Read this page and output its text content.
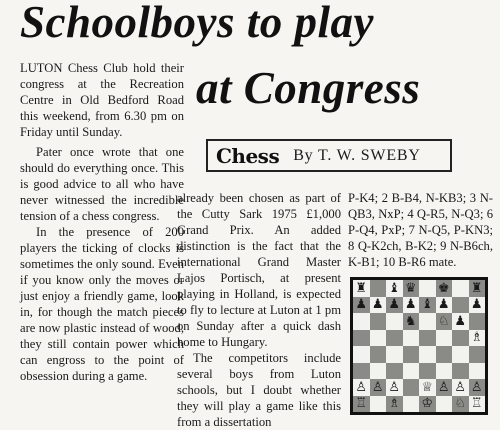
Schoolboys to play
at Congress
Chess By T. W. SWEBY

LUTON Chess Club hold their congress at the Recreation Centre in Old Bedford Road this weekend, from 6.30 pm on Friday until Sunday.

Pater once wrote that one should do everything once. This is good advice to all who have never witnessed the incredible tension of a chess congress.

In the presence of 200 players the ticking of clocks is sometimes the only sound. Even if you know only the moves or just enjoy a friendly game, look in, for though the match pieces are now plastic instead of wood, they still contain power which can engross to the point of obsession during a game.

already been chosen as part of the Cutty Sark 1975 £1,000 Grand Prix. An added distinction is the fact that the international Grand Master Lajos Portisch, at present playing in Holland, is expected to fly to lecture at Luton at 1 pm on Sunday after a quick dash home to Hungary.

The competitors include several boys from Luton schools, but I doubt whether they will play a game like this from a dissertation

P-K4; 2 B-B4, N-KB3; 3 N-QB3, NxP; 4 Q-R5, N-Q3; 6 P-Q4, PxP; 7 N-Q5, P-KN3; 8 Q-K2ch, B-K2; 9 N-B6ch, K-B1; 10 B-R6 mate.

♜ ♝ ♛ ♚ ♜
♟ ♟ ♟ ♟ ♝ ♟ ♟
♞ ♘ ♟
♗
♙ ♙ ♙ ♕ ♙ ♙ ♙
♖ ♗ ♔ ♘ ♖
